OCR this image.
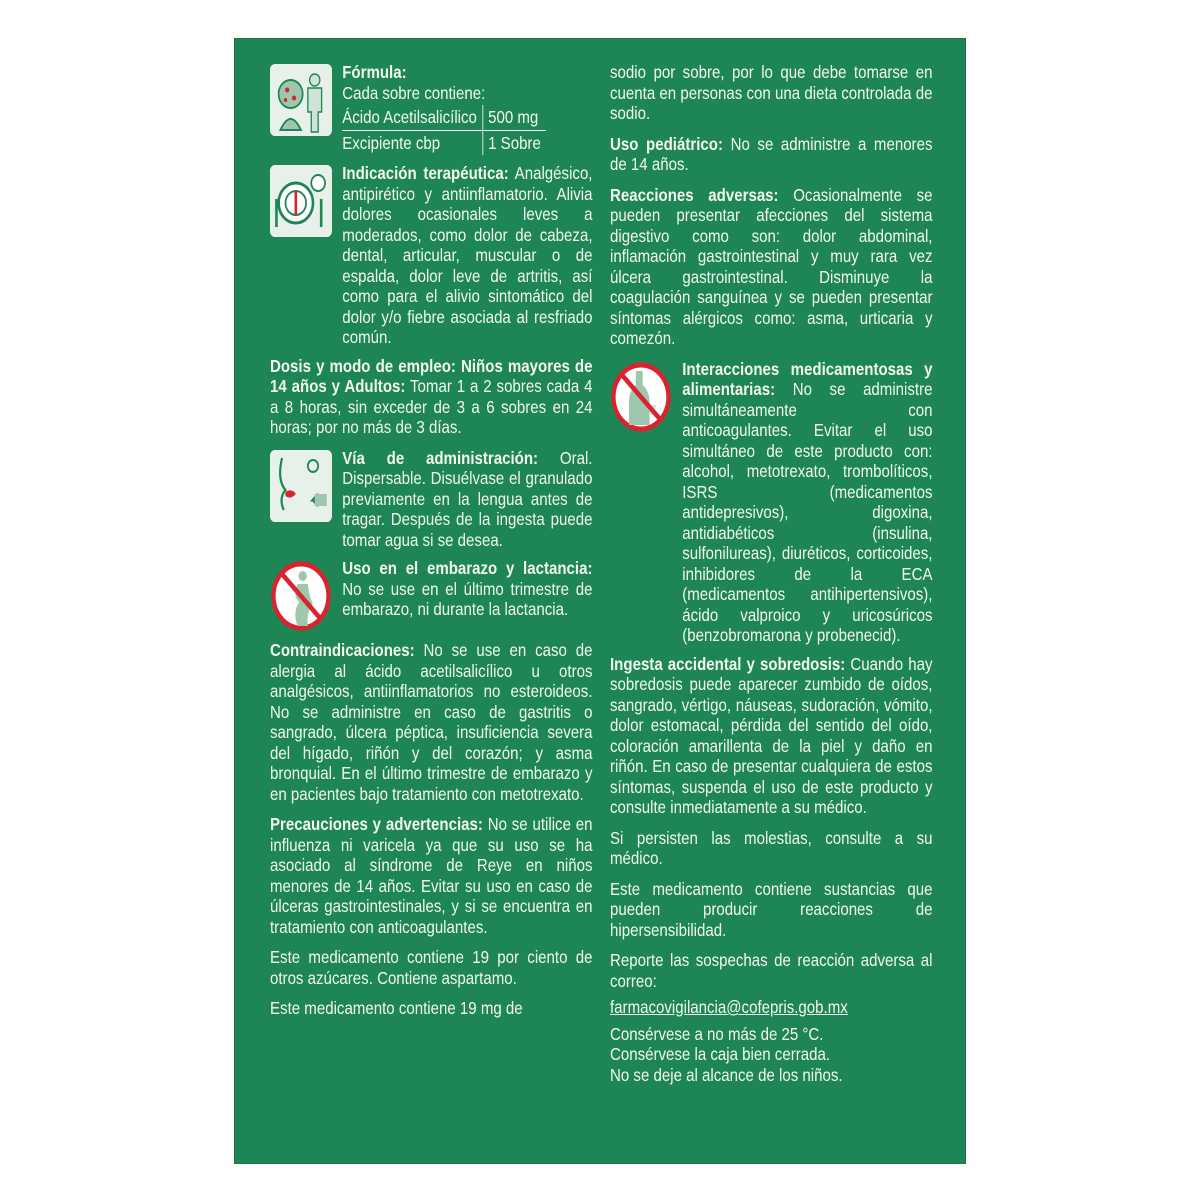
Fórmula:
Cada sobre contiene:
Ácido Acetilsalicílico	500 mg
Excipiente cbp	1 Sobre

Indicación terapéutica: Analgésico, antipirético y antiinflamatorio. Alivia dolores ocasionales leves a moderados, como dolor de cabeza, dental, articular, muscular o de espalda, dolor leve de artritis, así como para el alivio sintomático del dolor y/o fiebre asociada al resfriado común.

Dosis y modo de empleo: Niños mayores de 14 años y Adultos: Tomar 1 a 2 sobres cada 4 a 8 horas, sin exceder de 3 a 6 sobres en 24 horas; por no más de 3 días.

Vía de administración: Oral. Dispersable. Disuélvase el granulado previamente en la lengua antes de tragar. Después de la ingesta puede tomar agua si se desea.

Uso en el embarazo y lactancia: No se use en el último trimestre de embarazo, ni durante la lactancia.

Contraindicaciones: No se use en caso de alergia al ácido acetilsalicílico u otros analgésicos, antiinflamatorios no esteroideos. No se administre en caso de gastritis o sangrado, úlcera péptica, insuficiencia severa del hígado, riñón y del corazón; y asma bronquial. En el último trimestre de embarazo y en pacientes bajo tratamiento con metotrexato.

Precauciones y advertencias: No se utilice en influenza ni varicela ya que su uso se ha asociado al síndrome de Reye en niños menores de 14 años. Evitar su uso en caso de úlceras gastrointestinales, y si se encuentra en tratamiento con anticoagulantes.

Este medicamento contiene 19 por ciento de otros azúcares. Contiene aspartamo.

Este medicamento contiene 19 mg de

sodio por sobre, por lo que debe tomarse en cuenta en personas con una dieta controlada de sodio.

Uso pediátrico: No se administre a menores de 14 años.

Reacciones adversas: Ocasionalmente se pueden presentar afecciones del sistema digestivo como son: dolor abdominal, inflamación gastrointestinal y muy rara vez úlcera gastrointestinal. Disminuye la coagulación sanguínea y se pueden presentar síntomas alérgicos como: asma, urticaria y comezón.

Interacciones medicamentosas y alimentarias: No se administre simultáneamente con anticoagulantes. Evitar el uso simultáneo de este producto con: alcohol, metotrexato, trombolíticos, ISRS (medicamentos antidepresivos), digoxina, antidiabéticos (insulina, sulfonilureas), diuréticos, corticoides, inhibidores de la ECA (medicamentos antihipertensivos), ácido valproico y uricosúricos (benzobromarona y probenecid).

Ingesta accidental y sobredosis: Cuando hay sobredosis puede aparecer zumbido de oídos, sangrado, vértigo, náuseas, sudoración, vómito, dolor estomacal, pérdida del sentido del oído, coloración amarillenta de la piel y daño en riñón. En caso de presentar cualquiera de estos síntomas, suspenda el uso de este producto y consulte inmediatamente a su médico.

Si persisten las molestias, consulte a su médico.

Este medicamento contiene sustancias que pueden producir reacciones de hipersensibilidad.

Reporte las sospechas de reacción adversa al correo:

farmacovigilancia@cofepris.gob.mx

Consérvese a no más de 25 °C.
Consérvese la caja bien cerrada.
No se deje al alcance de los niños.
